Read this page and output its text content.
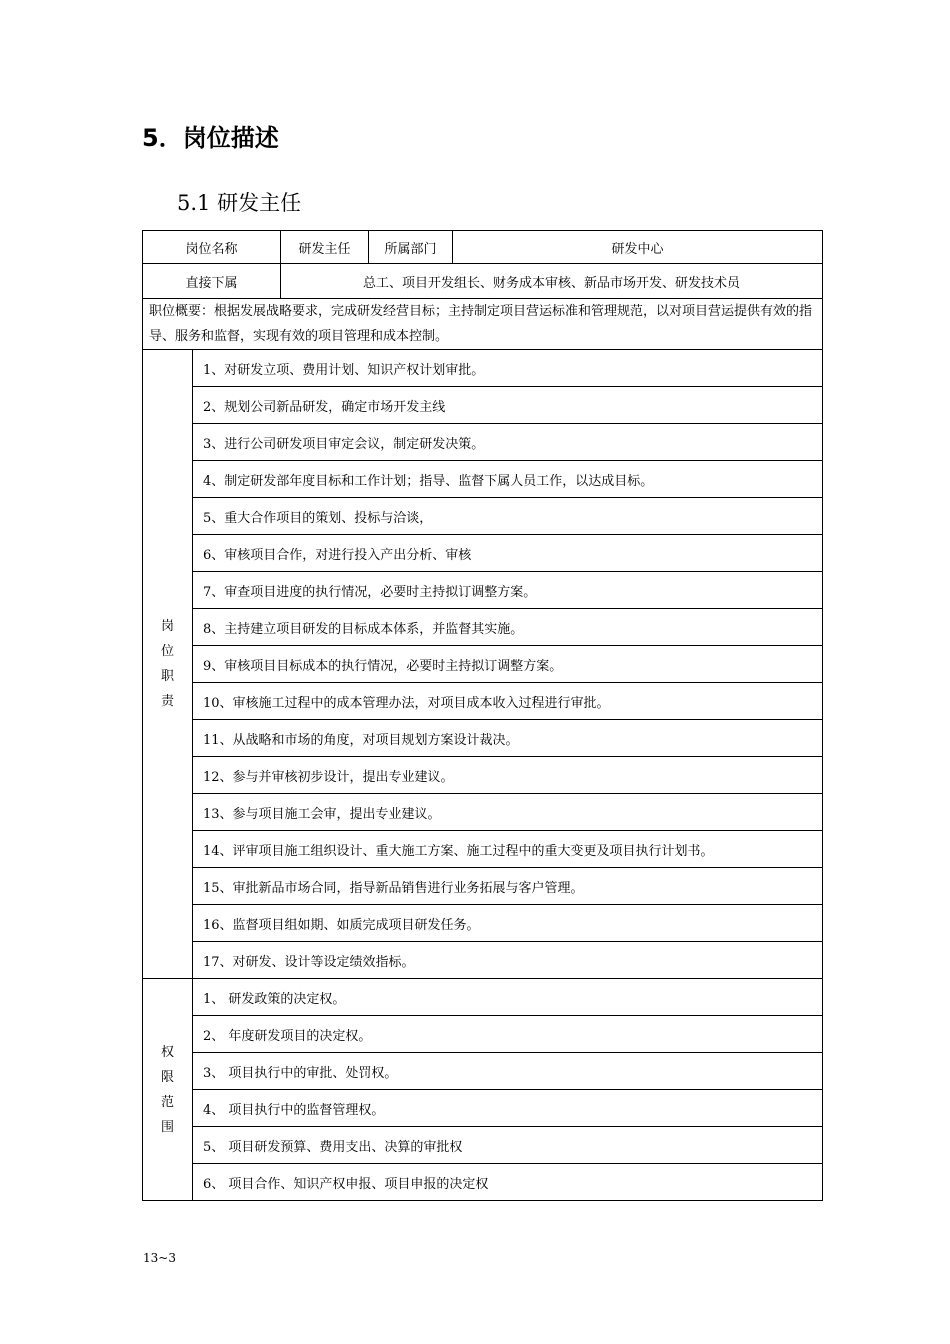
5．岗位描述
5.1 研发主任
岗位名称		研发主任	所属部门	研发中心
直接下属		总工、项目开发组长、财务成本审核、新品市场开发、研发技术员		
职位概要：根据发展战略要求，完成研发经营目标；主持制定项目营运标准和管理规范，以对项目营运提供有效的指导、服务和监督，实现有效的项目管理和成本控制。				
岗位职责	1、对研发立项、费用计划、知识产权计划审批。			
	2、规划公司新品研发，确定市场开发主线			
	3、进行公司研发项目审定会议，制定研发决策。			
	4、制定研发部年度目标和工作计划；指导、监督下属人员工作，以达成目标。			
	5、重大合作项目的策划、投标与洽谈，			
	6、审核项目合作，对进行投入产出分析、审核			
	7、审查项目进度的执行情况，必要时主持拟订调整方案。			
	8、主持建立项目研发的目标成本体系，并监督其实施。			
	9、审核项目目标成本的执行情况，必要时主持拟订调整方案。			
	10、审核施工过程中的成本管理办法，对项目成本收入过程进行审批。			
	11、从战略和市场的角度，对项目规划方案设计裁决。			
	12、参与并审核初步设计，提出专业建议。			
	13、参与项目施工会审，提出专业建议。			
	14、评审项目施工组织设计、重大施工方案、施工过程中的重大变更及项目执行计划书。			
	15、审批新品市场合同，指导新品销售进行业务拓展与客户管理。			
	16、监督项目组如期、如质完成项目研发任务。			
	17、对研发、设计等设定绩效指标。			
权限范围	1、 研发政策的决定权。			
	2、 年度研发项目的决定权。			
	3、 项目执行中的审批、处罚权。			
	4、 项目执行中的监督管理权。			
	5、 项目研发预算、费用支出、决算的审批权			
	6、 项目合作、知识产权申报、项目申报的决定权			
13~3
